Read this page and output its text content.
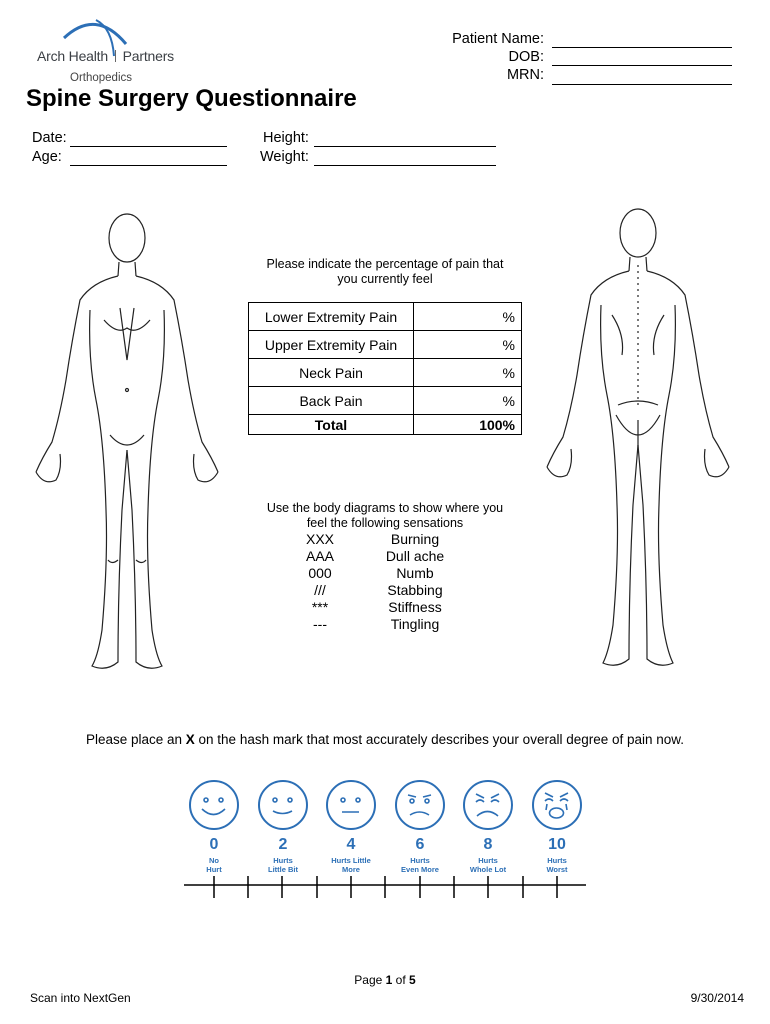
Arch Health Partners
Orthopedics
Patient Name:
DOB:
MRN:
Spine Surgery Questionnaire
Date:
Age:
Height:
Weight:
Please indicate the percentage of pain that
you currently feel
Lower Extremity Pain	%
Upper Extremity Pain	%
Neck Pain	%
Back Pain	%
Total	100%
Use the body diagrams to show where you
feel the following sensations
XXX	Burning
AAA	Dull ache
000	Numb
///	Stabbing
***	Stiffness
---	Tingling
Please place an X on the hash mark that most accurately describes your overall degree of pain now.
0
No
Hurt
2
Hurts
Little Bit
4
Hurts Little
More
6
Hurts
Even More
8
Hurts
Whole Lot
10
Hurts
Worst
Page 1 of 5
Scan into NextGen	9/30/2014
